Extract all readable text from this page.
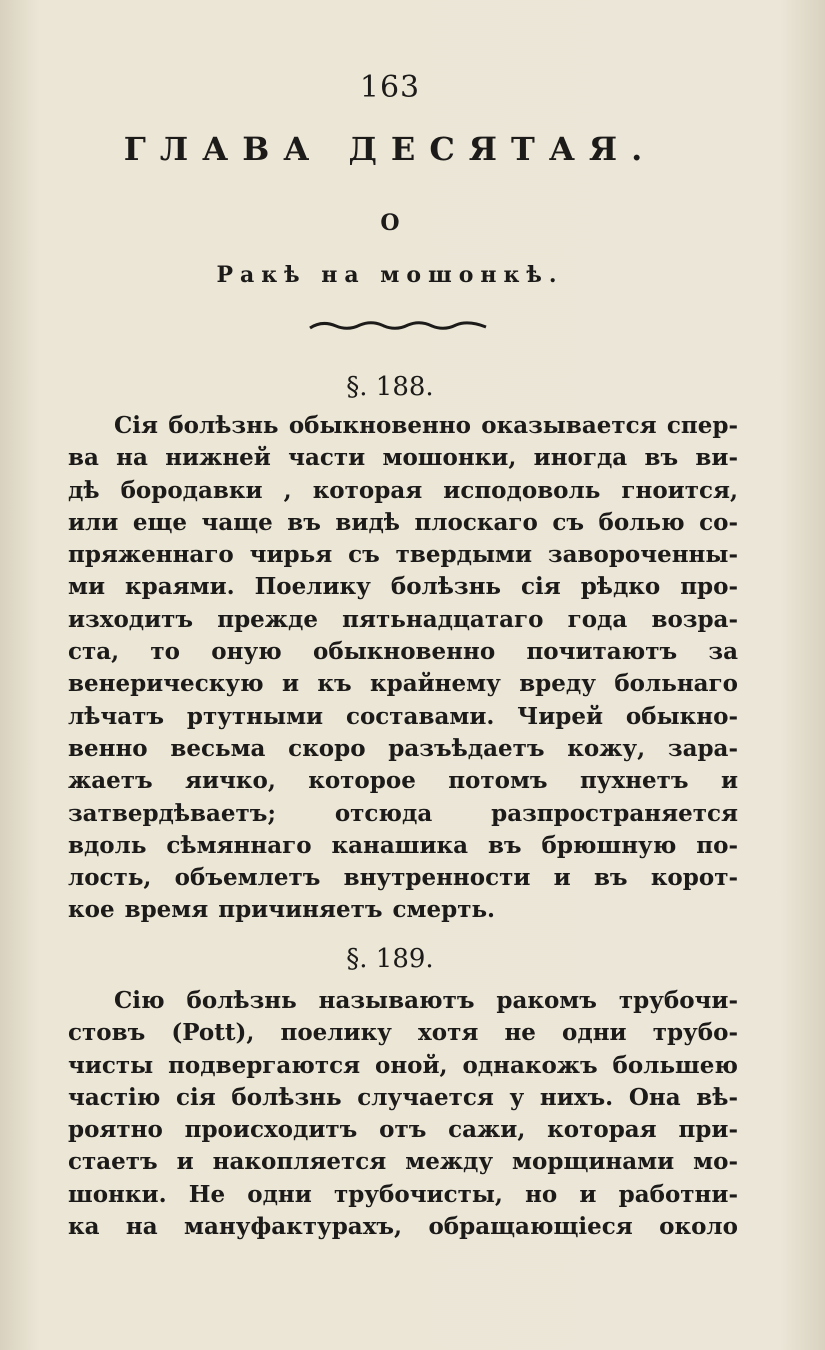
163
ГЛАВА ДЕСЯТАЯ.
О
Ракѣ на мошонкѣ.
§. 188.
Сія болѣзнь обыкновенно оказывается спер-
ва на нижней части мошонки, иногда въ ви-
дѣ бородавки , которая исподоволь гноится,
или еще чаще въ видѣ плоскаго съ болью со-
пряженнаго чирья съ твердыми завороченны-
ми краями. Поелику болѣзнь сія рѣдко про-
изходитъ прежде пятьнадцатаго года возра-
ста, то оную обыкновенно почитаютъ за
венерическую и къ крайнему вреду больнаго
лѣчатъ ртутными составами. Чирей обыкно-
венно весьма скоро разъѣдаетъ кожу, зара-
жаетъ яичко, которое потомъ пухнетъ и
затвердѣваетъ; отсюда разпространяется
вдоль сѣмяннаго канашика въ брюшную по-
лость, объемлетъ внутренности и въ корот-
кое время причиняетъ смерть.
§. 189.
Сію болѣзнь называютъ ракомъ трубочи-
стовъ (Pott), поелику хотя не одни трубо-
чисты подвергаются оной, однакожъ большею
частію сія болѣзнь случается у нихъ. Она вѣ-
роятно происходитъ отъ сажи, которая при-
стаетъ и накопляется между морщинами мо-
шонки. Не одни трубочисты, но и работни-
ка на мануфактурахъ, обращающіеся около
